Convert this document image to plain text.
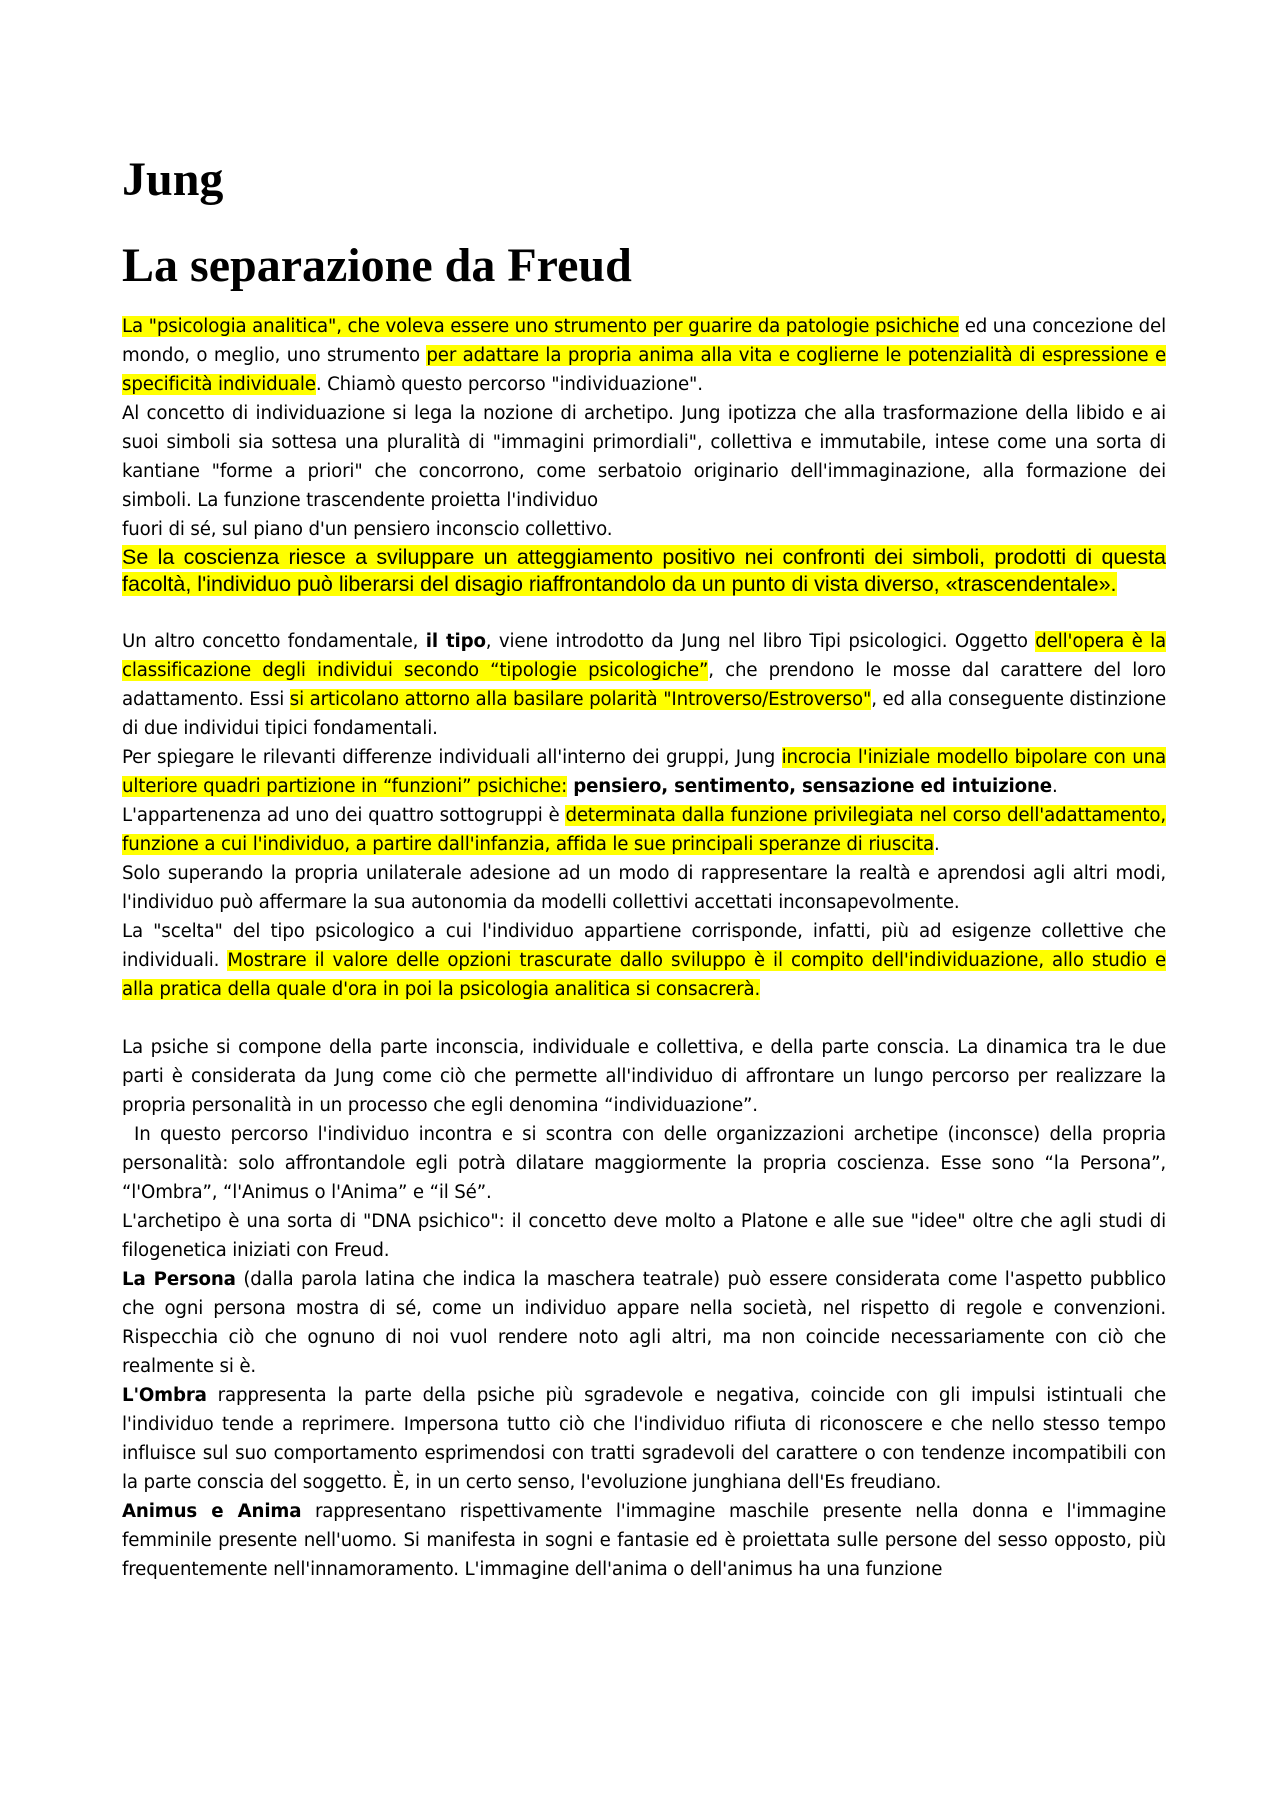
Jung
La separazione da Freud

La "psicologia analitica", che voleva essere uno strumento per guarire da patologie psichiche ed una concezione del mondo, o meglio, uno strumento per adattare la propria anima alla vita e coglierne le potenzialità di espressione e specificità individuale. Chiamò questo percorso "individuazione".

Al concetto di individuazione si lega la nozione di archetipo. Jung ipotizza che alla trasformazione della libido e ai suoi simboli sia sottesa una pluralità di "immagini primordiali", collettiva e immutabile, intese come una sorta di kantiane "forme a priori" che concorrono, come serbatoio originario dell'immaginazione, alla formazione dei simboli. La funzione trascendente proietta l'individuo

fuori di sé, sul piano d'un pensiero inconscio collettivo.

Se la coscienza riesce a sviluppare un atteggiamento positivo nei confronti dei simboli, prodotti di questa facoltà, l'individuo può liberarsi del disagio riaffrontandolo da un punto di vista diverso, «trascendentale».

Un altro concetto fondamentale, il tipo, viene introdotto da Jung nel libro Tipi psicologici. Oggetto dell'opera è la classificazione degli individui secondo “tipologie psicologiche”, che prendono le mosse dal carattere del loro adattamento. Essi si articolano attorno alla basilare polarità "Introverso/Estroverso", ed alla conseguente distinzione di due individui tipici fondamentali.

Per spiegare le rilevanti differenze individuali all'interno dei gruppi, Jung incrocia l'iniziale modello bipolare con una ulteriore quadri partizione in “funzioni” psichiche: pensiero, sentimento, sensazione ed intuizione.

L'appartenenza ad uno dei quattro sottogruppi è determinata dalla funzione privilegiata nel corso dell'adattamento, funzione a cui l'individuo, a partire dall'infanzia, affida le sue principali speranze di riuscita.

Solo superando la propria unilaterale adesione ad un modo di rappresentare la realtà e aprendosi agli altri modi, l'individuo può affermare la sua autonomia da modelli collettivi accettati inconsapevolmente.

La "scelta" del tipo psicologico a cui l'individuo appartiene corrisponde, infatti, più ad esigenze collettive che individuali. Mostrare il valore delle opzioni trascurate dallo sviluppo è il compito dell'individuazione, allo studio e alla pratica della quale d'ora in poi la psicologia analitica si consacrerà.

La psiche si compone della parte inconscia, individuale e collettiva, e della parte conscia. La dinamica tra le due parti è considerata da Jung come ciò che permette all'individuo di affrontare un lungo percorso per realizzare la propria personalità in un processo che egli denomina “individuazione”.

In questo percorso l'individuo incontra e si scontra con delle organizzazioni archetipe (inconsce) della propria personalità: solo affrontandole egli potrà dilatare maggiormente la propria coscienza. Esse sono “la Persona”, “l'Ombra”, “l'Animus o l'Anima” e “il Sé”.

L'archetipo è una sorta di "DNA psichico": il concetto deve molto a Platone e alle sue "idee" oltre che agli studi di filogenetica iniziati con Freud.

La Persona (dalla parola latina che indica la maschera teatrale) può essere considerata come l'aspetto pubblico che ogni persona mostra di sé, come un individuo appare nella società, nel rispetto di regole e convenzioni. Rispecchia ciò che ognuno di noi vuol rendere noto agli altri, ma non coincide necessariamente con ciò che realmente si è.

L'Ombra rappresenta la parte della psiche più sgradevole e negativa, coincide con gli impulsi istintuali che l'individuo tende a reprimere. Impersona tutto ciò che l'individuo rifiuta di riconoscere e che nello stesso tempo influisce sul suo comportamento esprimendosi con tratti sgradevoli del carattere o con tendenze incompatibili con la parte conscia del soggetto. È, in un certo senso, l'evoluzione junghiana dell'Es freudiano.

Animus e Anima rappresentano rispettivamente l'immagine maschile presente nella donna e l'immagine femminile presente nell'uomo. Si manifesta in sogni e fantasie ed è proiettata sulle persone del sesso opposto, più frequentemente nell'innamoramento. L'immagine dell'anima o dell'animus ha una funzione
